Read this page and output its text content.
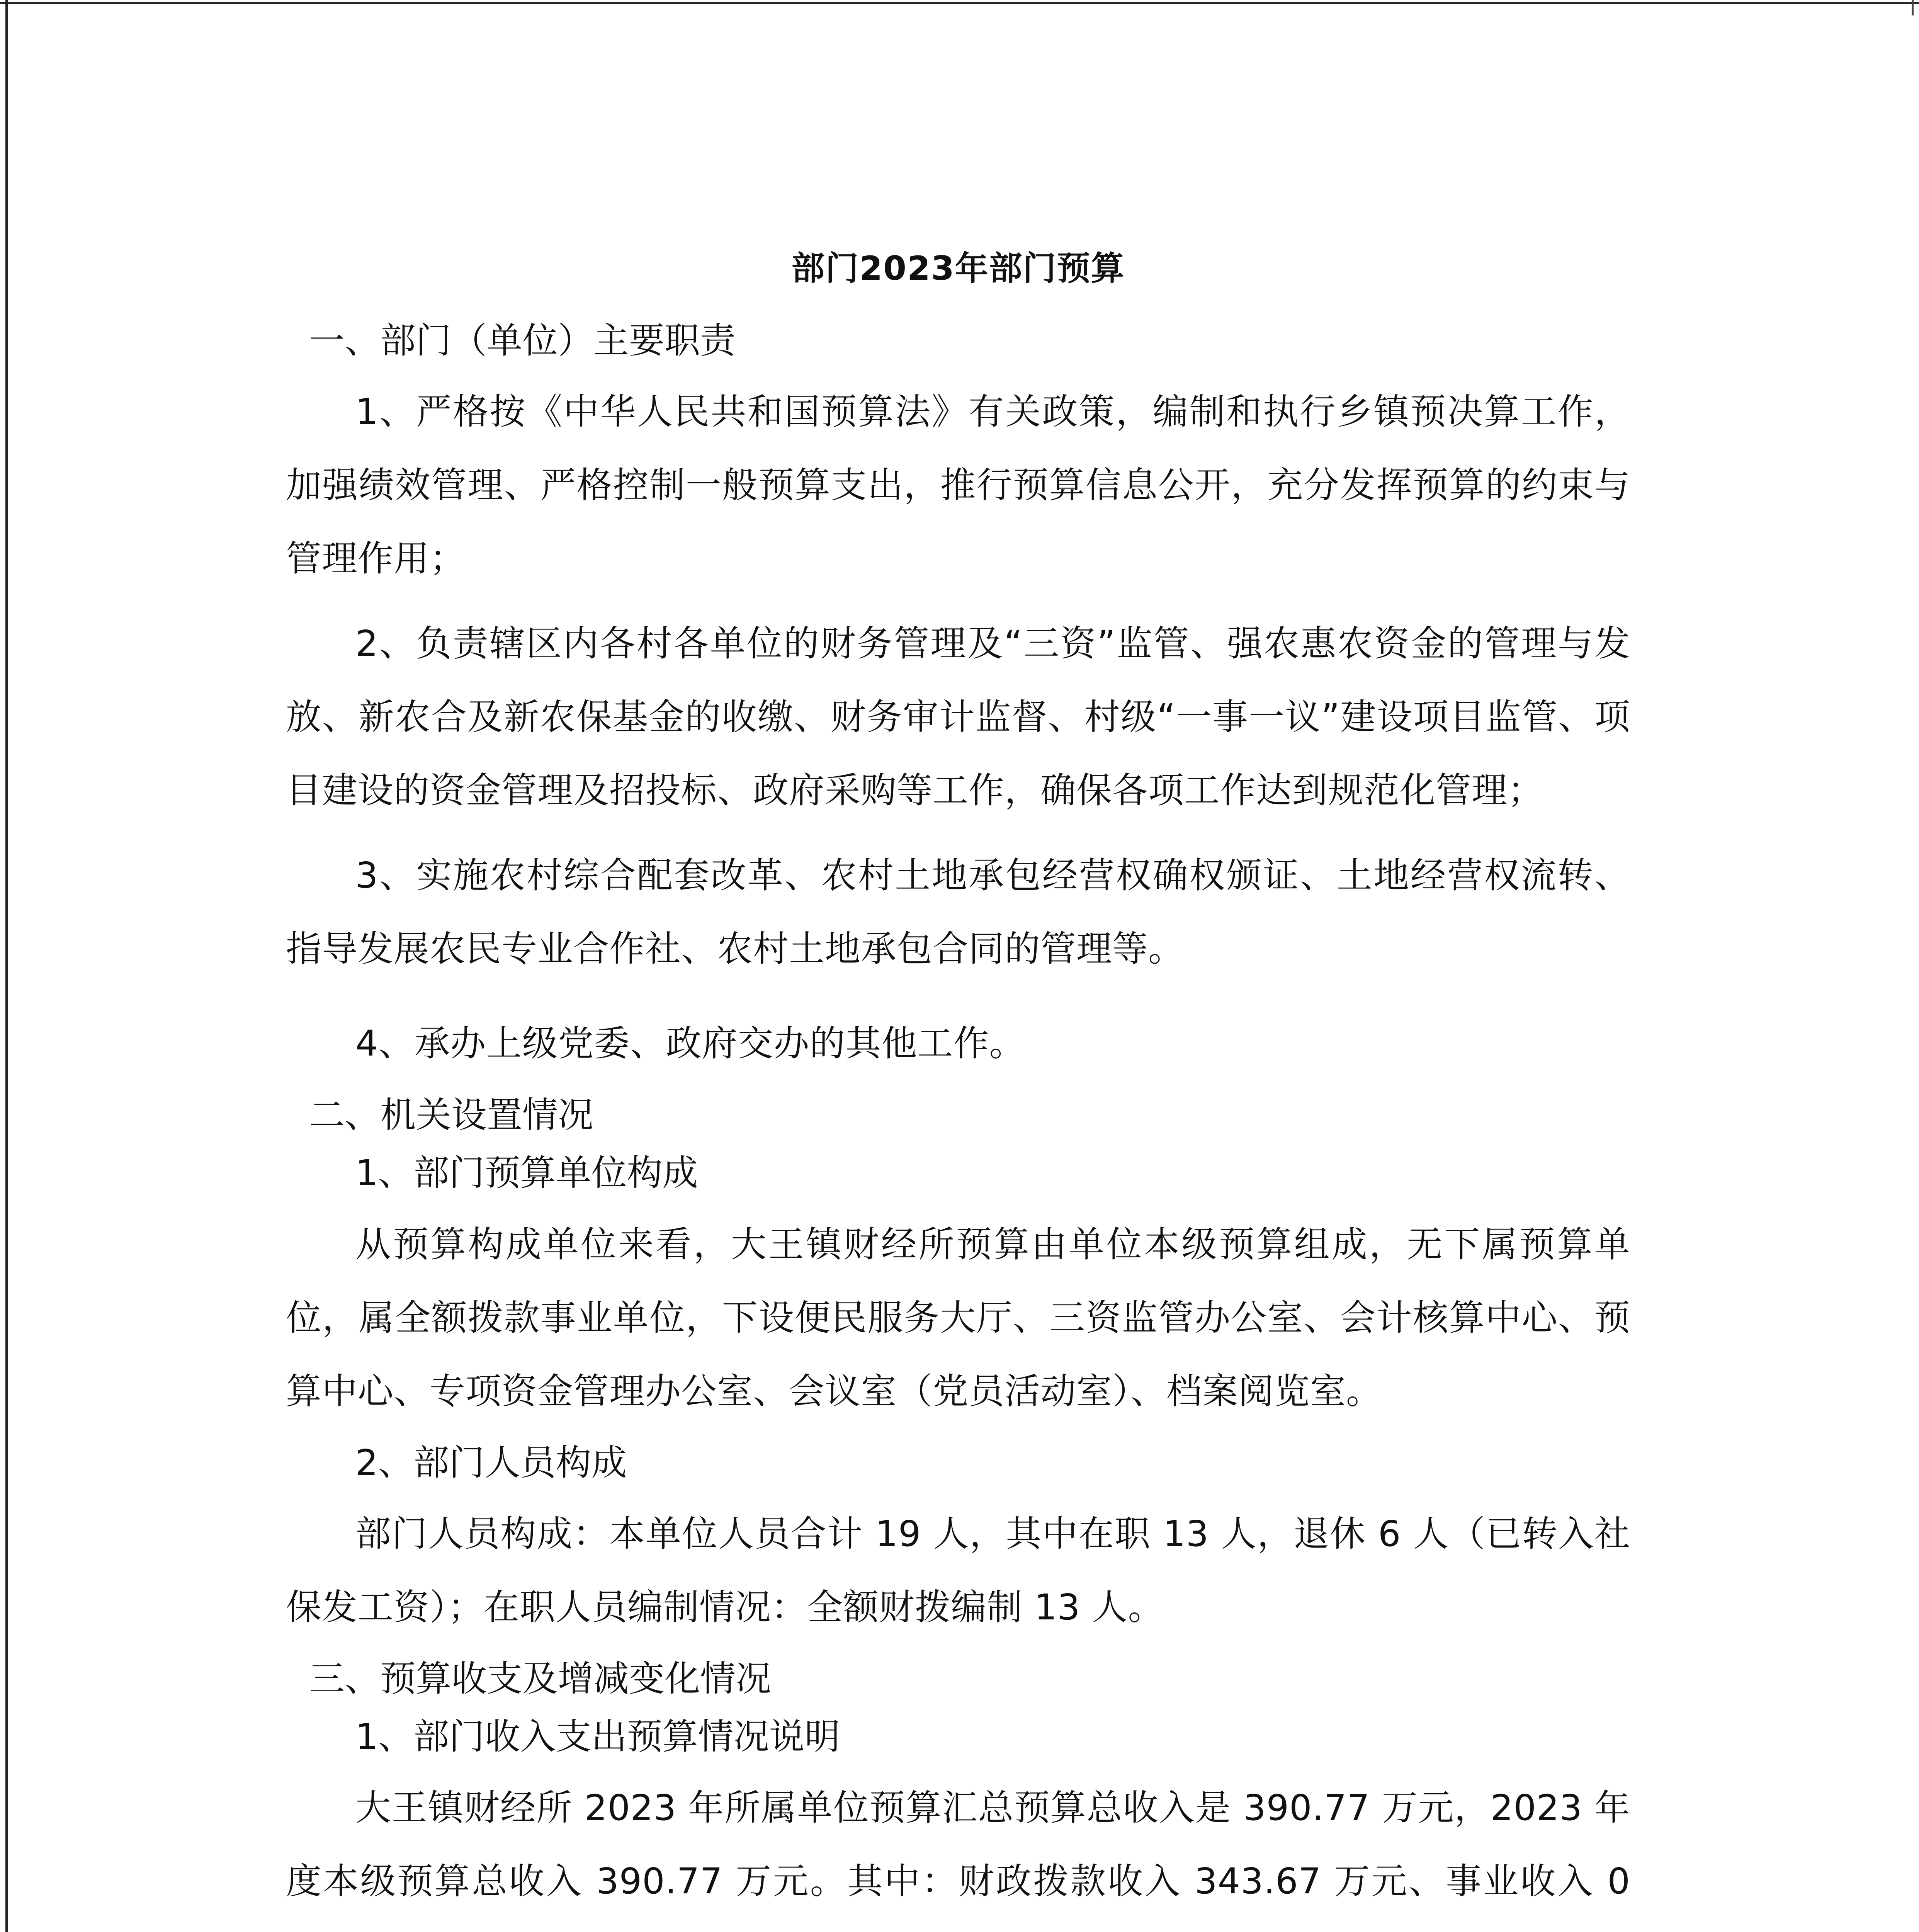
部门2023年部门预算
一、部门（单位）主要职责

1、严格按《中华人民共和国预算法》有关政策，编制和执行乡镇预决算工作，加强绩效管理、严格控制一般预算支出，推行预算信息公开，充分发挥预算的约束与管理作用；

2、负责辖区内各村各单位的财务管理及“三资”监管、强农惠农资金的管理与发放、新农合及新农保基金的收缴、财务审计监督、村级“一事一议”建设项目监管、项目建设的资金管理及招投标、政府采购等工作，确保各项工作达到规范化管理；

3、实施农村综合配套改革、农村土地承包经营权确权颁证、土地经营权流转、指导发展农民专业合作社、农村土地承包合同的管理等。

4、承办上级党委、政府交办的其他工作。

二、机关设置情况
1、部门预算单位构成

从预算构成单位来看，大王镇财经所预算由单位本级预算组成，无下属预算单位，属全额拨款事业单位，下设便民服务大厅、三资监管办公室、会计核算中心、预算中心、专项资金管理办公室、会议室（党员活动室）、档案阅览室。

2、部门人员构成

部门人员构成：本单位人员合计 19 人，其中在职 13 人，退休 6 人（已转入社保发工资）；在职人员编制情况：全额财拨编制 13 人。

三、预算收支及增减变化情况
1、部门收入支出预算情况说明

大王镇财经所 2023 年所属单位预算汇总预算总收入是 390.77 万元，2023 年度本级预算总收入 390.77 万元。其中：财政拨款收入 343.67 万元、事业收入 0 　
